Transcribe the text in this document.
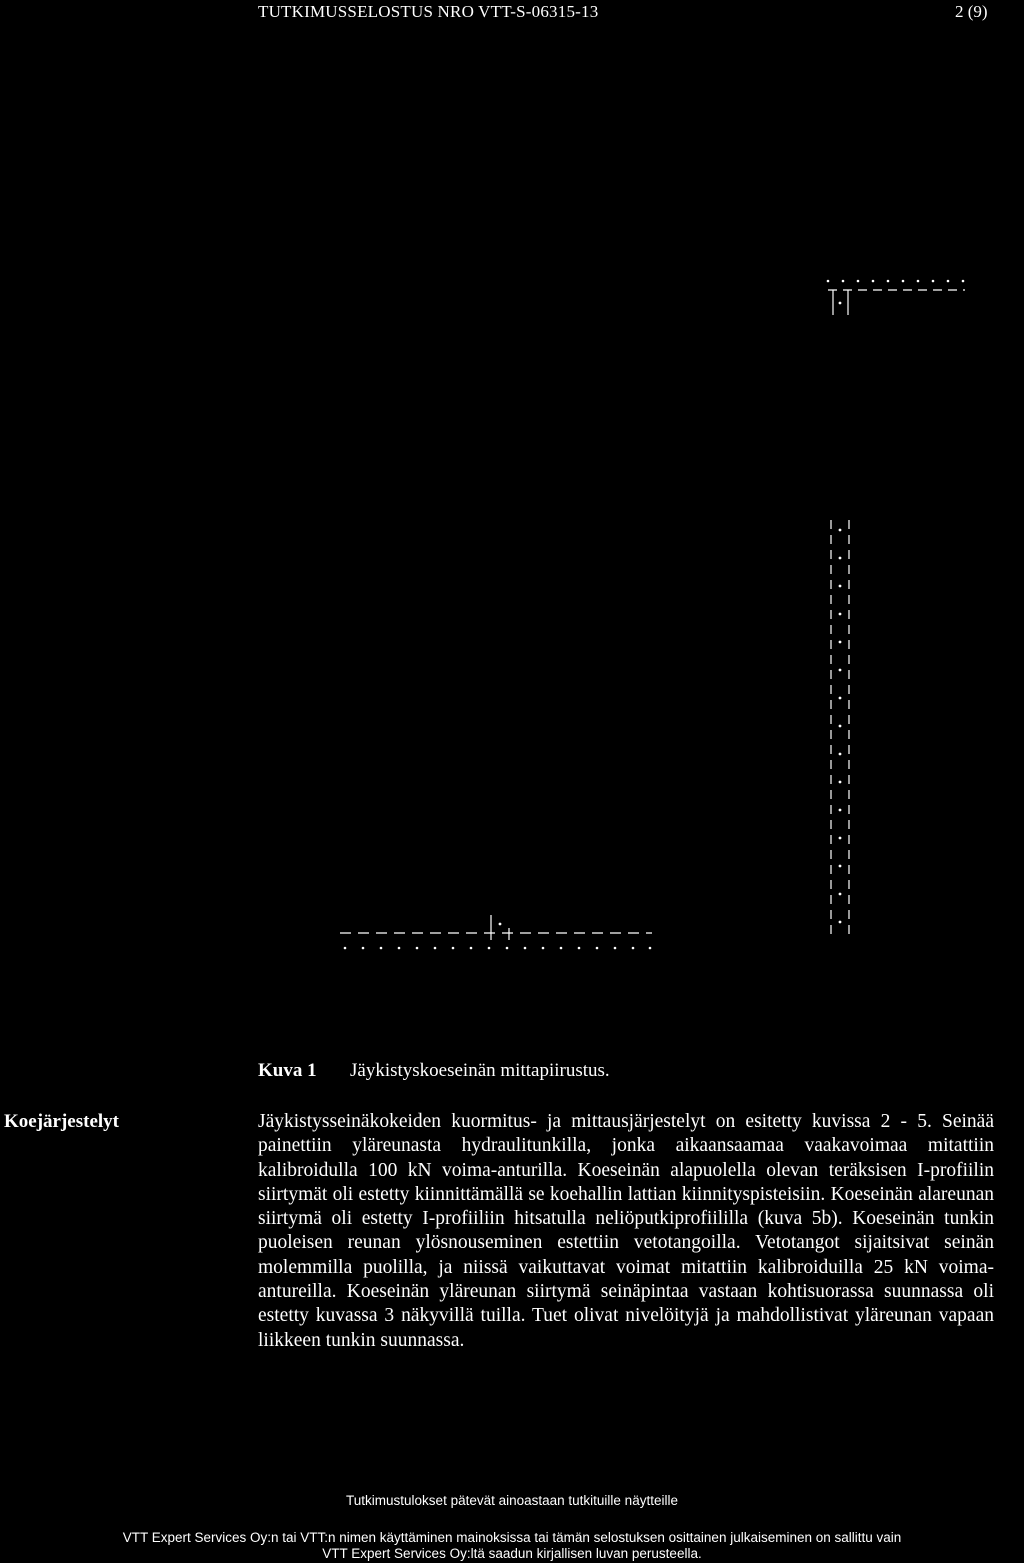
TUTKIMUSSELOSTUS NRO VTT-S-06315-13	2 (9)
Kuva 1 Jäykistyskoeseinän mittapiirustus.
Koejärjestelyt	Jäykistysseinäkokeiden kuormitus- ja mittausjärjestelyt on esitetty kuvissa 2 - 5. Seinää painettiin yläreunasta hydraulitunkilla, jonka aikaansaamaa vaakavoimaa mitattiin kalibroidulla 100 kN voima-anturilla. Koeseinän alapuolella olevan teräksisen I-profiilin siirtymät oli estetty kiinnittämällä se koehallin lattian kiinnityspisteisiin. Koeseinän alareunan siirtymä oli estetty I-profiiliin hitsatulla neliöputkiprofiililla (kuva 5b). Koeseinän tunkin puoleisen reunan ylösnouseminen estettiin vetotangoilla. Vetotangot sijaitsivat seinän molemmilla puolilla, ja niissä vaikuttavat voimat mitattiin kalibroiduilla 25 kN voima-antureilla. Koeseinän yläreunan siirtymä seinäpintaa vastaan kohtisuorassa suunnassa oli estetty kuvassa 3 näkyvillä tuilla. Tuet olivat nivelöityjä ja mahdollistivat yläreunan vapaan liikkeen tunkin suunnassa.
Tutkimustulokset pätevät ainoastaan tutkituille näytteille
VTT Expert Services Oy:n tai VTT:n nimen käyttäminen mainoksissa tai tämän selostuksen osittainen julkaiseminen on sallittu vain
VTT Expert Services Oy:ltä saadun kirjallisen luvan perusteella.
